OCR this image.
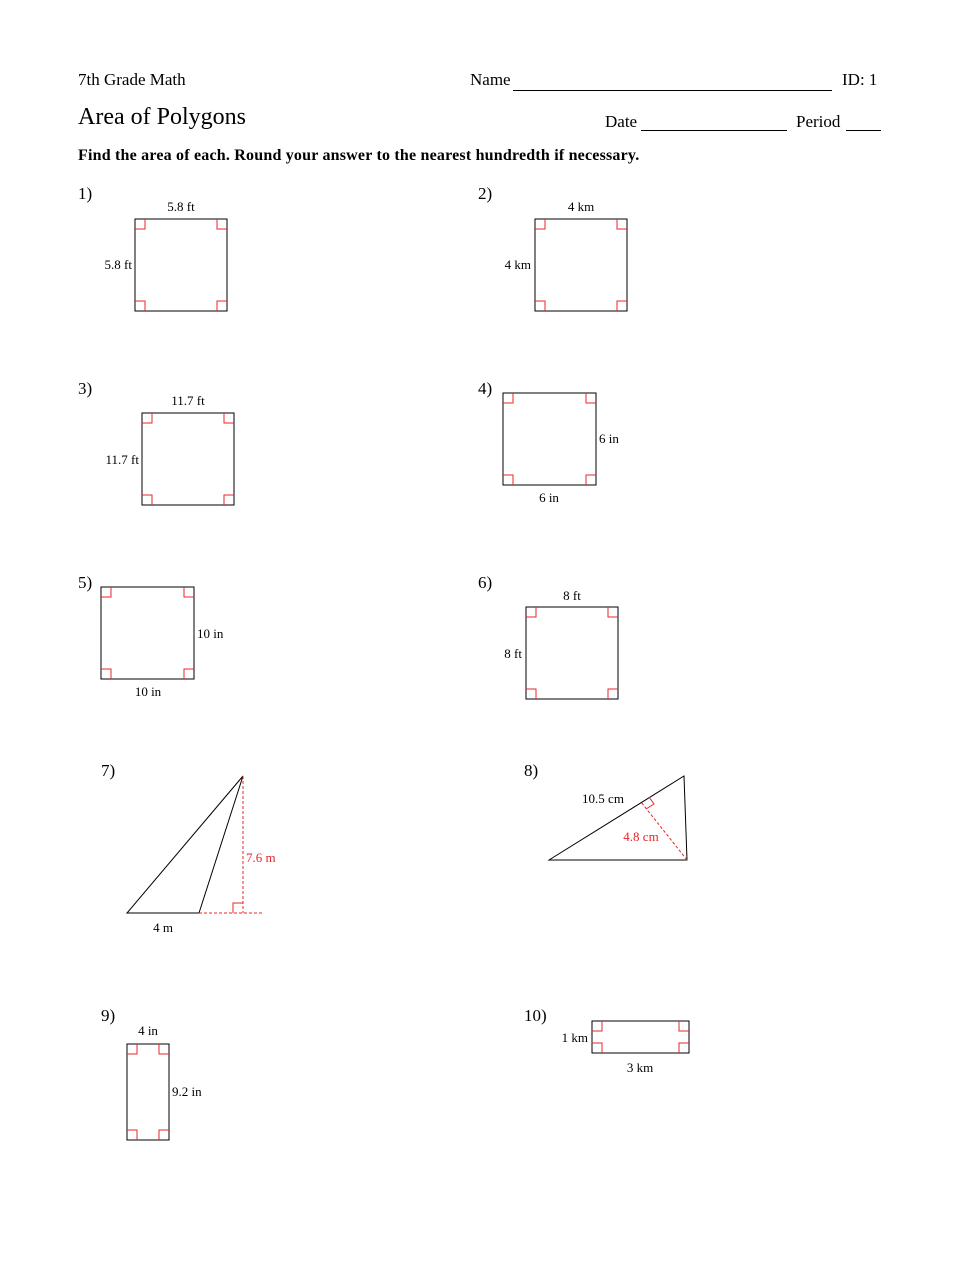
7th Grade Math	Name	ID: 1
Area of Polygons	Date	Period
Find the area of each. Round your answer to the nearest hundredth if necessary.
1)	2)
3)	4)
5)	6)
7)	8)
9)	10)
5.8 ft
5.8 ft
4 km
4 km
11.7 ft
11.7 ft
6 in
6 in
10 in
10 in
8 ft
8 ft
7.6 m
4 m
10.5 cm
4.8 cm
4 in
9.2 in
1 km
3 km
